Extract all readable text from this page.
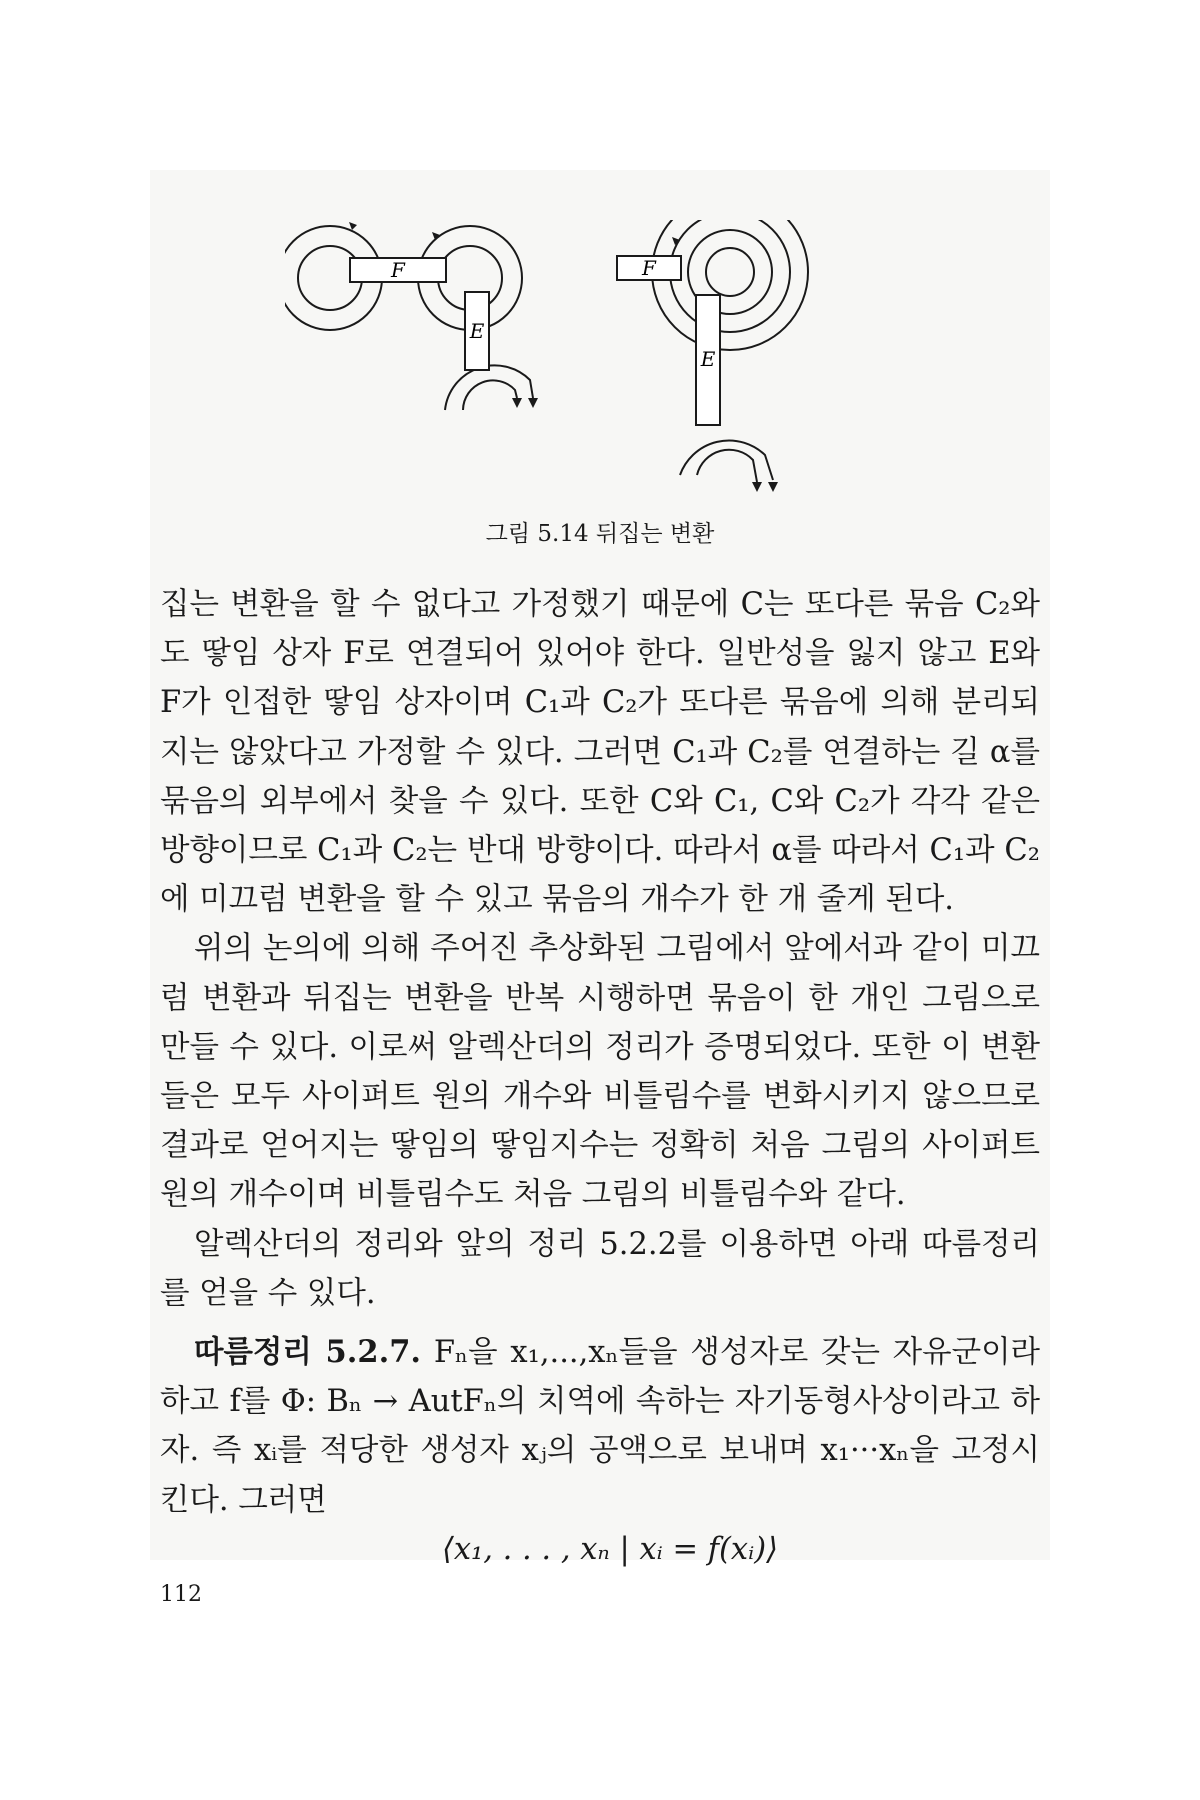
F
E
F
E
그림 5.14 뒤집는 변환

집는 변환을 할 수 없다고 가정했기 때문에 C는 또다른 묶음 C₂와도 땋임 상자 F로 연결되어 있어야 한다. 일반성을 잃지 않고 E와 F가 인접한 땋임 상자이며 C₁과 C₂가 또다른 묶음에 의해 분리되지는 않았다고 가정할 수 있다. 그러면 C₁과 C₂를 연결하는 길 α를 묶음의 외부에서 찾을 수 있다. 또한 C와 C₁, C와 C₂가 각각 같은 방향이므로 C₁과 C₂는 반대 방향이다. 따라서 α를 따라서 C₁과 C₂에 미끄럼 변환을 할 수 있고 묶음의 개수가 한 개 줄게 된다.

위의 논의에 의해 주어진 추상화된 그림에서 앞에서과 같이 미끄럼 변환과 뒤집는 변환을 반복 시행하면 묶음이 한 개인 그림으로 만들 수 있다. 이로써 알렉산더의 정리가 증명되었다. 또한 이 변환들은 모두 사이퍼트 원의 개수와 비틀림수를 변화시키지 않으므로 결과로 얻어지는 땋임의 땋임지수는 정확히 처음 그림의 사이퍼트 원의 개수이며 비틀림수도 처음 그림의 비틀림수와 같다.

알렉산더의 정리와 앞의 정리 5.2.2를 이용하면 아래 따름정리를 얻을 수 있다.

따름정리 5.2.7. Fₙ을 x₁,...,xₙ들을 생성자로 갖는 자유군이라 하고 f를 Φ: Bₙ → AutFₙ의 치역에 속하는 자기동형사상이라고 하자. 즉 xᵢ를 적당한 생성자 xⱼ의 공액으로 보내며 x₁···xₙ을 고정시킨다. 그러면

⟨x₁, . . . , xₙ | xᵢ = f(xᵢ)⟩

112
